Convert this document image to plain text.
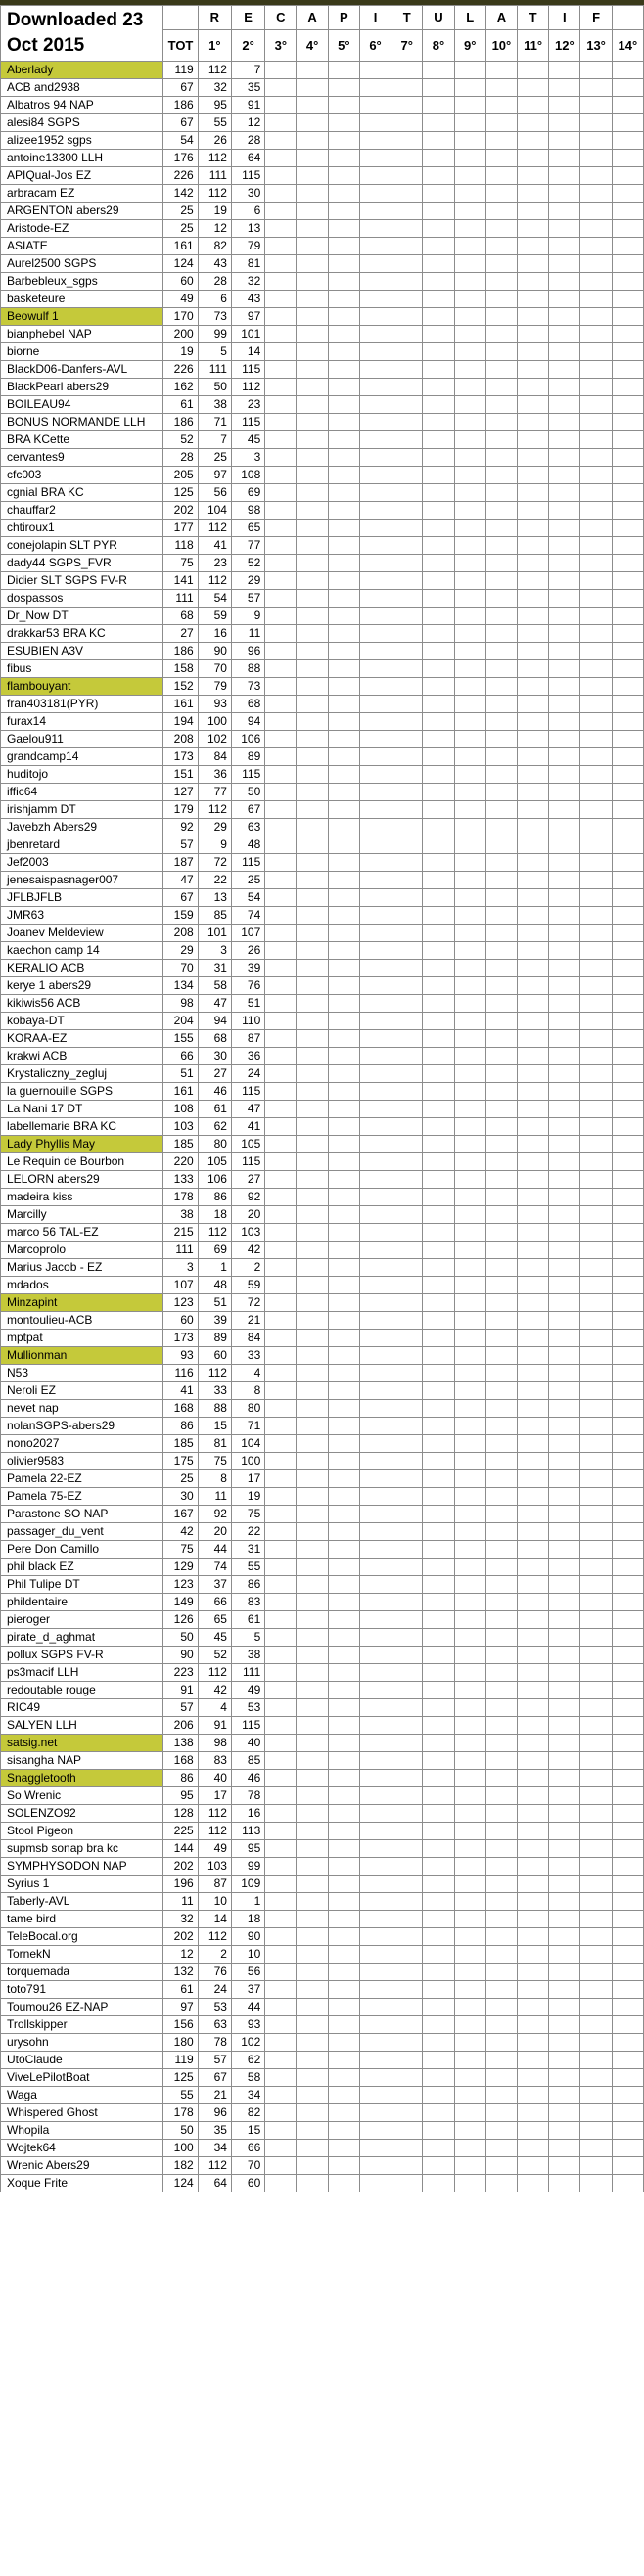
Downloaded 23 Oct 2015		R	E	C	A	P	I	T	U	L	A	T	I	F	
	TOT	1°	2°	3°	4°	5°	6°	7°	8°	9°	10°	11°	12°	13°	14°
Aberlady	119	112	7												
ACB and2938	67	32	35												
Albatros 94 NAP	186	95	91												
alesi84 SGPS	67	55	12												
alizee1952 sgps	54	26	28												
antoine13300 LLH	176	112	64												
APIQual-Jos EZ	226	111	115												
arbracam EZ	142	112	30												
ARGENTON abers29	25	19	6												
Aristode-EZ	25	12	13												
ASIATE	161	82	79												
Aurel2500 SGPS	124	43	81												
Barbebleux_sgps	60	28	32												
basketeure	49	6	43												
Beowulf 1	170	73	97												
bianphebel NAP	200	99	101												
biorne	19	5	14												
BlackD06-Danfers-AVL	226	111	115												
BlackPearl abers29	162	50	112												
BOILEAU94	61	38	23												
BONUS NORMANDE LLH	186	71	115												
BRA KCette	52	7	45												
cervantes9	28	25	3												
cfc003	205	97	108												
cgnial BRA KC	125	56	69												
chauffar2	202	104	98												
chtiroux1	177	112	65												
conejolapin SLT PYR	118	41	77												
dady44 SGPS_FVR	75	23	52												
Didier SLT SGPS FV-R	141	112	29												
dospassos	111	54	57												
Dr_Now DT	68	59	9												
drakkar53 BRA KC	27	16	11												
ESUBIEN A3V	186	90	96												
fibus	158	70	88												
flambouyant	152	79	73												
fran403181(PYR)	161	93	68												
furax14	194	100	94												
Gaelou911	208	102	106												
grandcamp14	173	84	89												
huditojo	151	36	115												
iffic64	127	77	50												
irishjamm DT	179	112	67												
Javebzh Abers29	92	29	63												
jbenretard	57	9	48												
Jef2003	187	72	115												
jenesaispasnager007	47	22	25												
JFLBJFLB	67	13	54												
JMR63	159	85	74												
Joanev Meldeview	208	101	107												
kaechon camp 14	29	3	26												
KERALIO ACB	70	31	39												
kerye 1 abers29	134	58	76												
kikiwis56 ACB	98	47	51												
kobaya-DT	204	94	110												
KORAA-EZ	155	68	87												
krakwi ACB	66	30	36												
Krystaliczny_zegluj	51	27	24												
la guernouille SGPS	161	46	115												
La Nani 17 DT	108	61	47												
labellemarie BRA KC	103	62	41												
Lady Phyllis May	185	80	105												
Le Requin de Bourbon	220	105	115												
LELORN abers29	133	106	27												
madeira kiss	178	86	92												
Marcilly	38	18	20												
marco 56 TAL-EZ	215	112	103												
Marcoprolo	111	69	42												
Marius Jacob - EZ	3	1	2												
mdados	107	48	59												
Minzapint	123	51	72												
montoulieu-ACB	60	39	21												
mptpat	173	89	84												
Mullionman	93	60	33												
N53	116	112	4												
Neroli EZ	41	33	8												
nevet nap	168	88	80												
nolanSGPS-abers29	86	15	71												
nono2027	185	81	104												
olivier9583	175	75	100												
Pamela 22-EZ	25	8	17												
Pamela 75-EZ	30	11	19												
Parastone SO NAP	167	92	75												
passager_du_vent	42	20	22												
Pere Don Camillo	75	44	31												
phil black EZ	129	74	55												
Phil Tulipe DT	123	37	86												
phildentaire	149	66	83												
pieroger	126	65	61												
pirate_d_aghmat	50	45	5												
pollux SGPS FV-R	90	52	38												
ps3macif LLH	223	112	111												
redoutable rouge	91	42	49												
RIC49	57	4	53												
SALYEN LLH	206	91	115												
satsig.net	138	98	40												
sisangha NAP	168	83	85												
Snaggletooth	86	40	46												
So Wrenic	95	17	78												
SOLENZO92	128	112	16												
Stool Pigeon	225	112	113												
supmsb sonap bra kc	144	49	95												
SYMPHYSODON NAP	202	103	99												
Syrius 1	196	87	109												
Taberly-AVL	11	10	1												
tame bird	32	14	18												
TeleBocal.org	202	112	90												
TornekN	12	2	10												
torquemada	132	76	56												
toto791	61	24	37												
Toumou26 EZ-NAP	97	53	44												
Trollskipper	156	63	93												
urysohn	180	78	102												
UtoClaude	119	57	62												
ViveLePilotBoat	125	67	58												
Waga	55	21	34												
Whispered Ghost	178	96	82												
Whopila	50	35	15												
Wojtek64	100	34	66												
Wrenic Abers29	182	112	70												
Xoque Frite	124	64	60												
